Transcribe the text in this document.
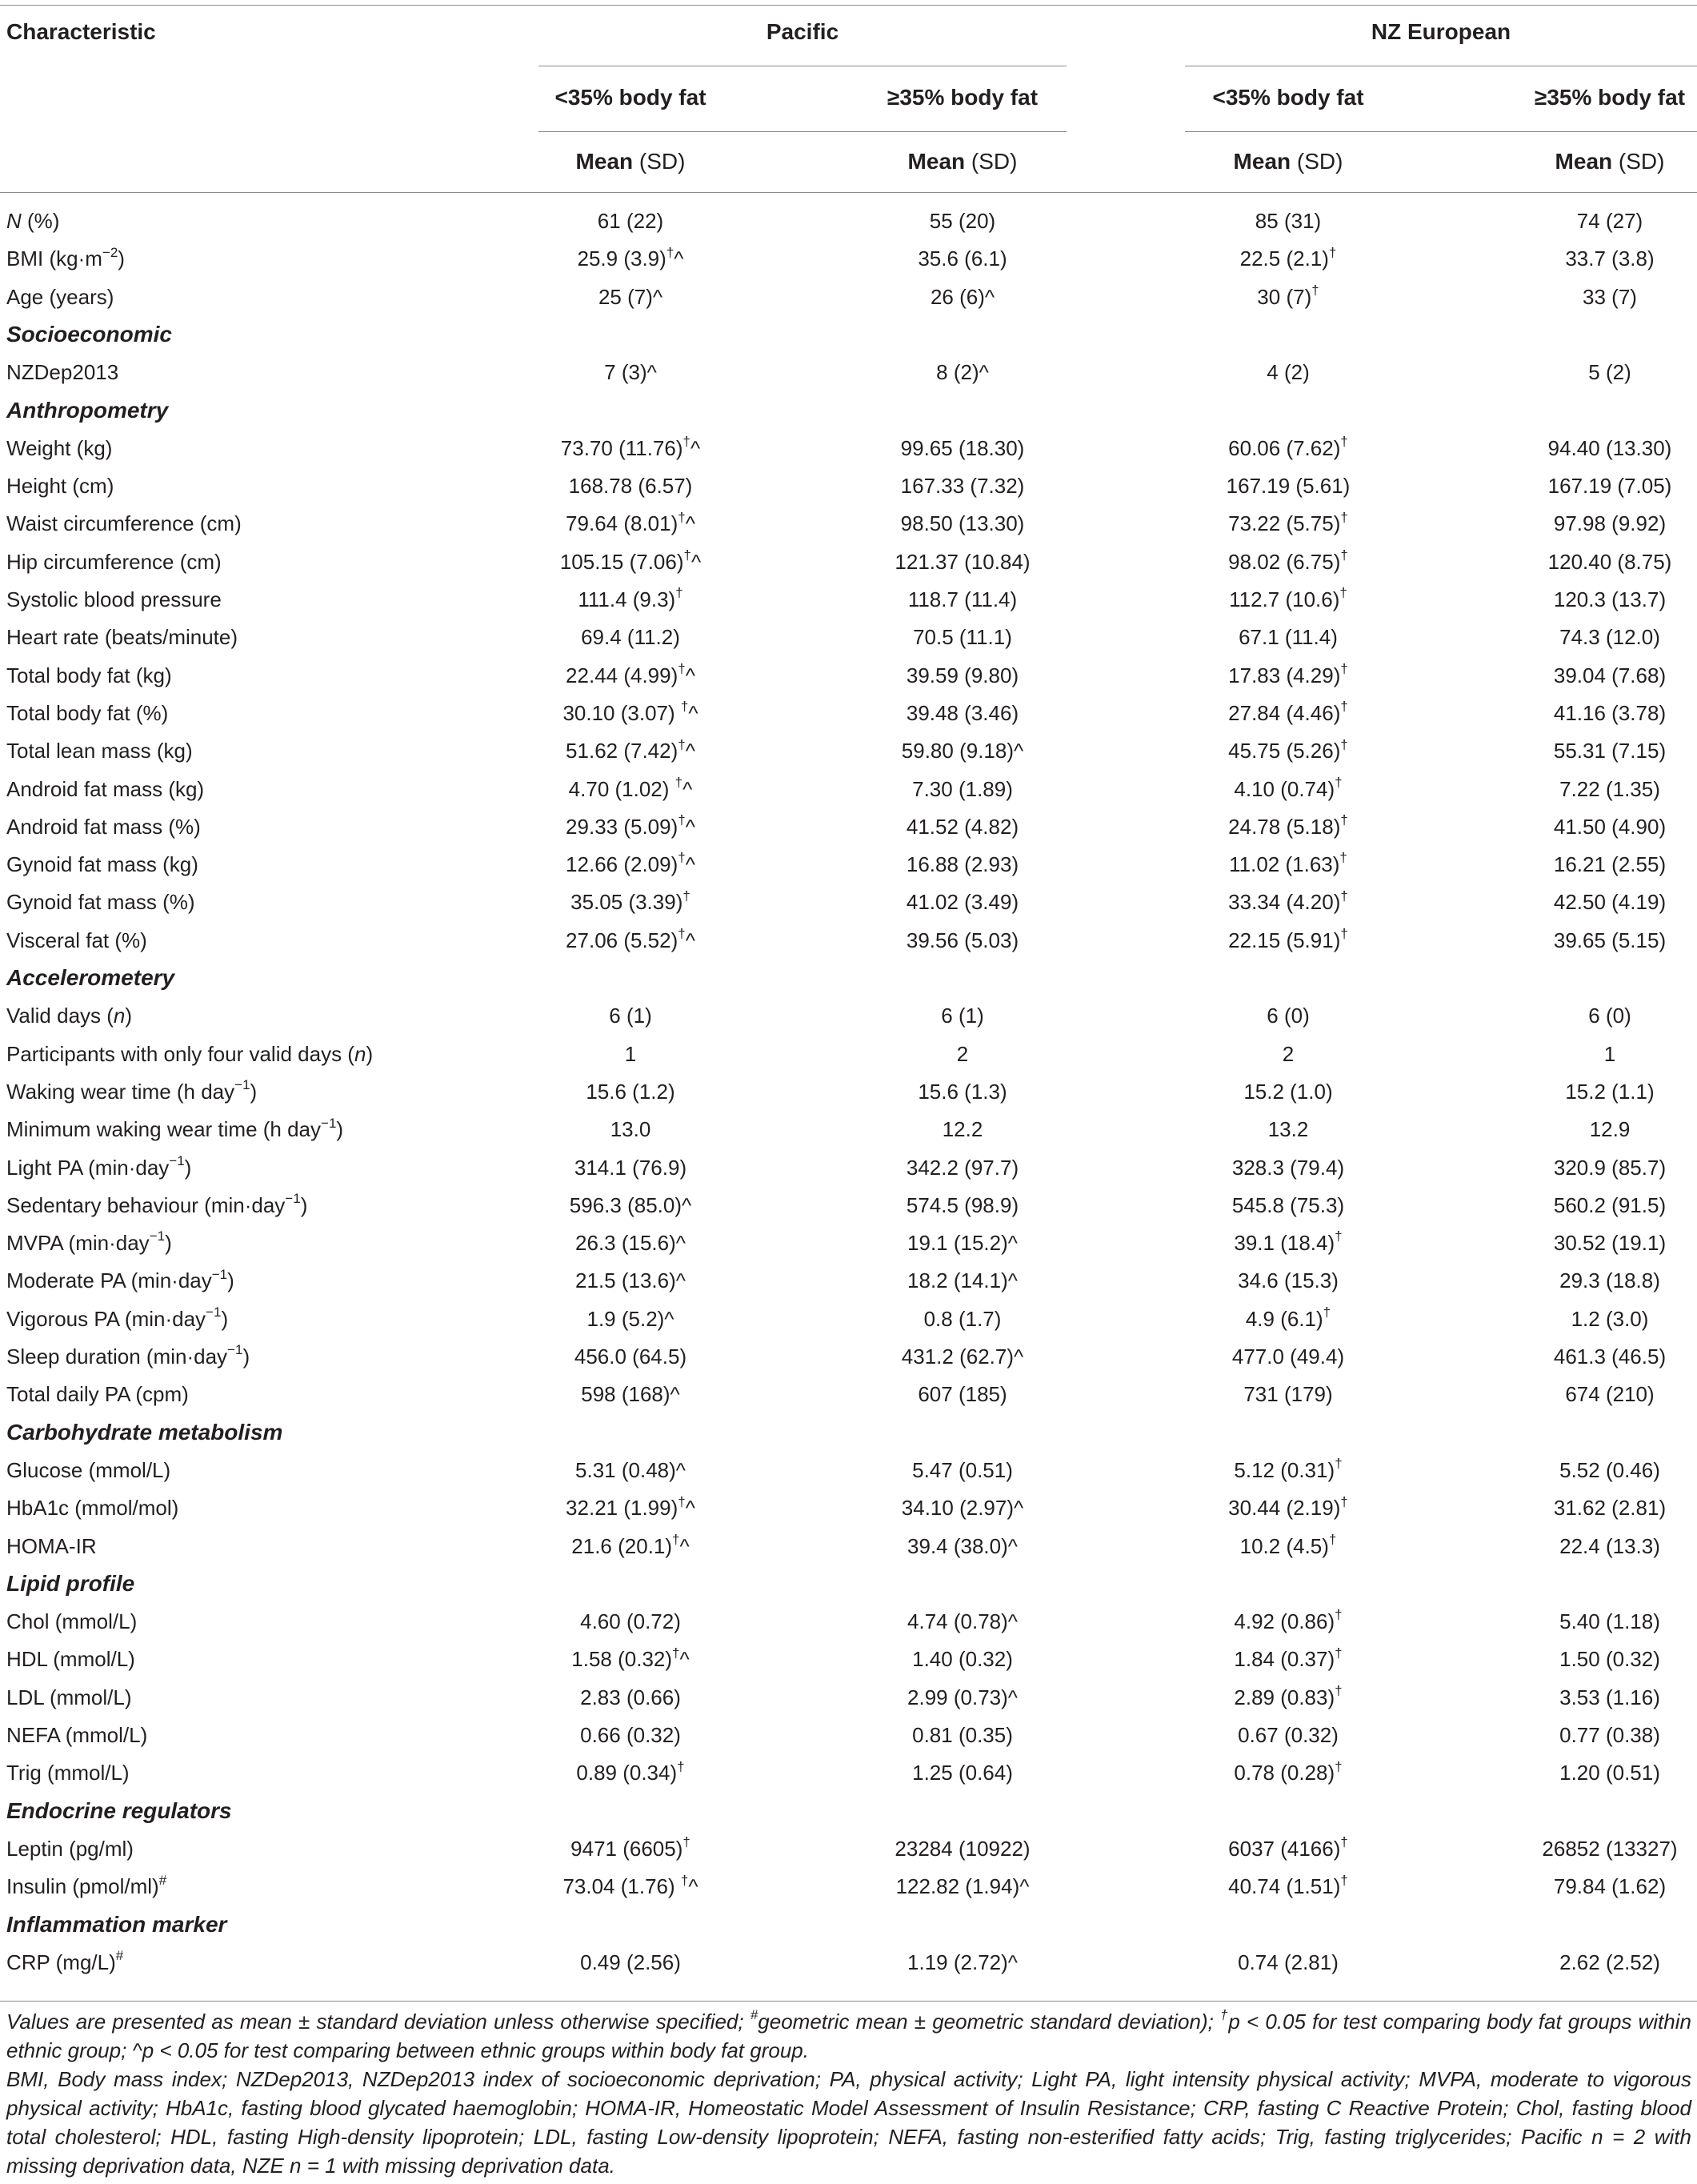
Characteristic	Pacific	NZ European
<35% body fat	≥35% body fat	<35% body fat	≥35% body fat
Mean (SD)	Mean (SD)	Mean (SD)	Mean (SD)
N (%)	61 (22)	55 (20)	85 (31)	74 (27)
BMI $(kg\cdot m^{-2})$	25.9 (3.9)†^	35.6 (6.1)	22.5 (2.1)†	33.7 (3.8)
Age (years)	25 (7)^	26 (6)^	30 (7)†	33 (7)
Socioeconomic
NZDep2013	7 (3)^	8 (2)^	4 (2)	5 (2)
Anthropometry
Weight (kg)	73.70 (11.76)†^	99.65 (18.30)	60.06 (7.62)†	94.40 (13.30)
Height (cm)	168.78 (6.57)	167.33 (7.32)	167.19 (5.61)	167.19 (7.05)
Waist circumference (cm)	79.64 (8.01)†^	98.50 (13.30)	73.22 (5.75)†	97.98 (9.92)
Hip circumference (cm)	105.15 (7.06)†^	121.37 (10.84)	98.02 (6.75)†	120.40 (8.75)
Systolic blood pressure	111.4 (9.3)†	118.7 (11.4)	112.7 (10.6)†	120.3 (13.7)
Heart rate (beats/minute)	69.4 (11.2)	70.5 (11.1)	67.1 (11.4)	74.3 (12.0)
Total body fat (kg)	22.44 (4.99)†^	39.59 (9.80)	17.83 (4.29)†	39.04 (7.68)
Total body fat (%)	30.10 (3.07) †^	39.48 (3.46)	27.84 (4.46)†	41.16 (3.78)
Total lean mass (kg)	51.62 (7.42)†^	59.80 (9.18)^	45.75 (5.26)†	55.31 (7.15)
Android fat mass (kg)	4.70 (1.02) †^	7.30 (1.89)	4.10 (0.74)†	7.22 (1.35)
Android fat mass (%)	29.33 (5.09)†^	41.52 (4.82)	24.78 (5.18)†	41.50 (4.90)
Gynoid fat mass (kg)	12.66 (2.09)†^	16.88 (2.93)	11.02 (1.63)†	16.21 (2.55)
Gynoid fat mass (%)	35.05 (3.39)†	41.02 (3.49)	33.34 (4.20)†	42.50 (4.19)
Visceral fat (%)	27.06 (5.52)†^	39.56 (5.03)	22.15 (5.91)†	39.65 (5.15)
Accelerometery
Valid days (n)	6 (1)	6 (1)	6 (0)	6 (0)
Participants with only four valid days (n)	1	2	2	1
Waking wear time (h day$^{-1}$)	15.6 (1.2)	15.6 (1.3)	15.2 (1.0)	15.2 (1.1)
Minimum waking wear time (h day$^{-1}$)	13.0	12.2	13.2	12.9
Light PA (min·day$^{-1}$)	314.1 (76.9)	342.2 (97.7)	328.3 (79.4)	320.9 (85.7)
Sedentary behaviour (min·day$^{-1}$)	596.3 (85.0)^	574.5 (98.9)	545.8 (75.3)	560.2 (91.5)
MVPA (min·day$^{-1}$)	26.3 (15.6)^	19.1 (15.2)^	39.1 (18.4)†	30.52 (19.1)
Moderate PA (min·day$^{-1}$)	21.5 (13.6)^	18.2 (14.1)^	34.6 (15.3)	29.3 (18.8)
Vigorous PA (min·day$^{-1}$)	1.9 (5.2)^	0.8 (1.7)	4.9 (6.1)†	1.2 (3.0)
Sleep duration (min·day$^{-1}$)	456.0 (64.5)	431.2 (62.7)^	477.0 (49.4)	461.3 (46.5)
Total daily PA (cpm)	598 (168)^	607 (185)	731 (179)	674 (210)
Carbohydrate metabolism
Glucose (mmol/L)	5.31 (0.48)^	5.47 (0.51)	5.12 (0.31)†	5.52 (0.46)
HbA1c (mmol/mol)	32.21 (1.99)†^	34.10 (2.97)^	30.44 (2.19)†	31.62 (2.81)
HOMA-IR	21.6 (20.1)†^	39.4 (38.0)^	10.2 (4.5)†	22.4 (13.3)
Lipid profile
Chol (mmol/L)	4.60 (0.72)	4.74 (0.78)^	4.92 (0.86)†	5.40 (1.18)
HDL (mmol/L)	1.58 (0.32)†^	1.40 (0.32)	1.84 (0.37)†	1.50 (0.32)
LDL (mmol/L)	2.83 (0.66)	2.99 (0.73)^	2.89 (0.83)†	3.53 (1.16)
NEFA (mmol/L)	0.66 (0.32)	0.81 (0.35)	0.67 (0.32)	0.77 (0.38)
Trig (mmol/L)	0.89 (0.34)†	1.25 (0.64)	0.78 (0.28)†	1.20 (0.51)
Endocrine regulators
Leptin (pg/ml)	9471 (6605)†	23284 (10922)	6037 (4166)†	26852 (13327)
Insulin (pmol/ml)#	73.04 (1.76) †^	122.82 (1.94)^	40.74 (1.51)†	79.84 (1.62)
Inflammation marker
CRP (mg/L)#	0.49 (2.56)	1.19 (2.72)^	0.74 (2.81)	2.62 (2.52)

Values are presented as mean ± standard deviation unless otherwise specified; #geometric mean ± geometric standard deviation); †p < 0.05 for test comparing body fat groups within ethnic group; ^p < 0.05 for test comparing between ethnic groups within body fat group.

BMI, Body mass index; NZDep2013, NZDep2013 index of socioeconomic deprivation; PA, physical activity; Light PA, light intensity physical activity; MVPA, moderate to vigorous physical activity; HbA1c, fasting blood glycated haemoglobin; HOMA-IR, Homeostatic Model Assessment of Insulin Resistance; CRP, fasting C Reactive Protein; Chol, fasting blood total cholesterol; HDL, fasting High-density lipoprotein; LDL, fasting Low-density lipoprotein; NEFA, fasting non-esterified fatty acids; Trig, fasting triglycerides; Pacific n = 2 with missing deprivation data, NZE n = 1 with missing deprivation data.
